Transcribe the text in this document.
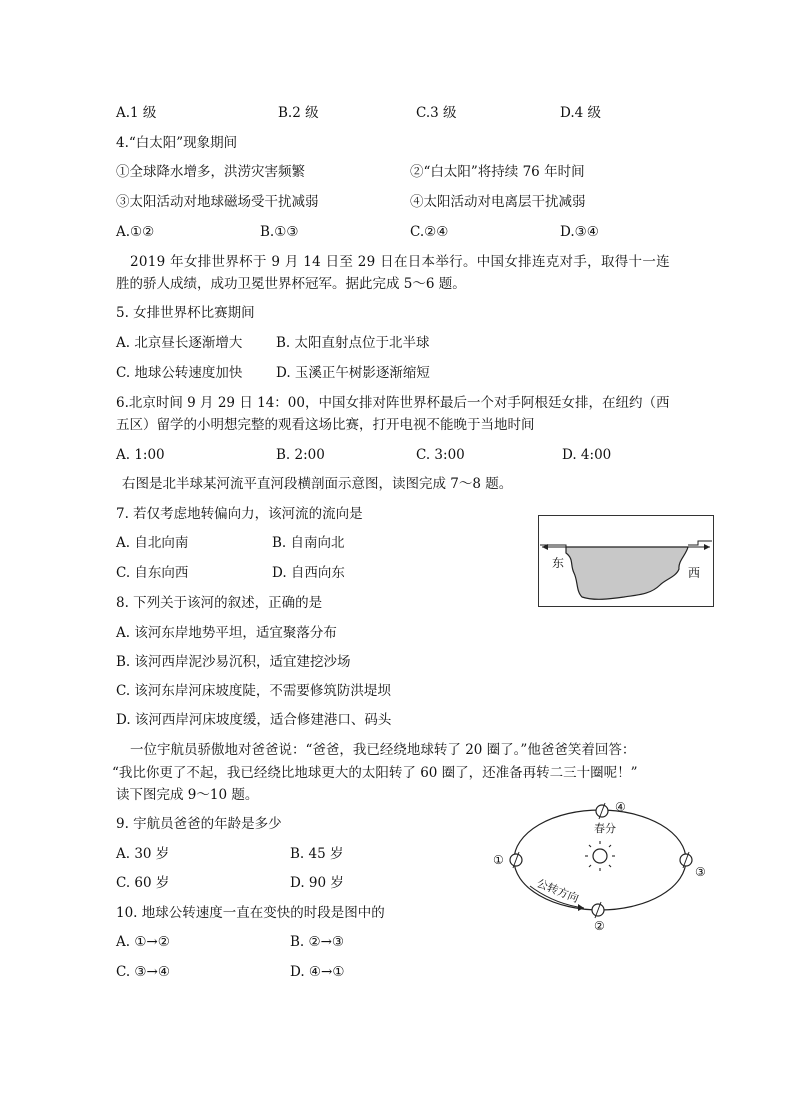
A.1 级	B.2 级	C.3 级	D.4 级
4.“白太阳”现象期间
①全球降水增多，洪涝灾害频繁	②“白太阳”将持续 76 年时间
③太阳活动对地球磁场受干扰减弱	④太阳活动对电离层干扰减弱
A.①②	B.①③	C.②④	D.③④
2019 年女排世界杯于 9 月 14 日至 29 日在日本举行。中国女排连克对手，取得十一连
胜的骄人成绩，成功卫冕世界杯冠军。据此完成 5～6 题。
5. 女排世界杯比赛期间
A. 北京昼长逐渐增大 B. 太阳直射点位于北半球
C. 地球公转速度加快 D. 玉溪正午树影逐渐缩短
6.北京时间 9 月 29 日 14：00，中国女排对阵世界杯最后一个对手阿根廷女排，在纽约（西
五区）留学的小明想完整的观看这场比赛，打开电视不能晚于当地时间
A. 1:00	B. 2:00	C. 3:00	D. 4:00
右图是北半球某河流平直河段横剖面示意图，读图完成 7～8 题。
7. 若仅考虑地转偏向力，该河流的流向是
A. 自北向南	B. 自南向北
C. 自东向西	D. 自西向东
东
西
8. 下列关于该河的叙述，正确的是
A. 该河东岸地势平坦，适宜聚落分布
B. 该河西岸泥沙易沉积，适宜建挖沙场
C. 该河东岸河床坡度陡，不需要修筑防洪堤坝
D. 该河西岸河床坡度缓，适合修建港口、码头
一位宇航员骄傲地对爸爸说：“爸爸，我已经绕地球转了 20 圈了。”他爸爸笑着回答：
“我比你更了不起，我已经绕比地球更大的太阳转了 60 圈了，还准备再转二三十圈呢！”
读下图完成 9～10 题。
9. 宇航员爸爸的年龄是多少
A. 30 岁	B. 45 岁
C. 60 岁	D. 90 岁
④
春分
①
③
②
公转方向
10. 地球公转速度一直在变快的时段是图中的
A. ①→②	B. ②→③
C. ③→④	D. ④→①
